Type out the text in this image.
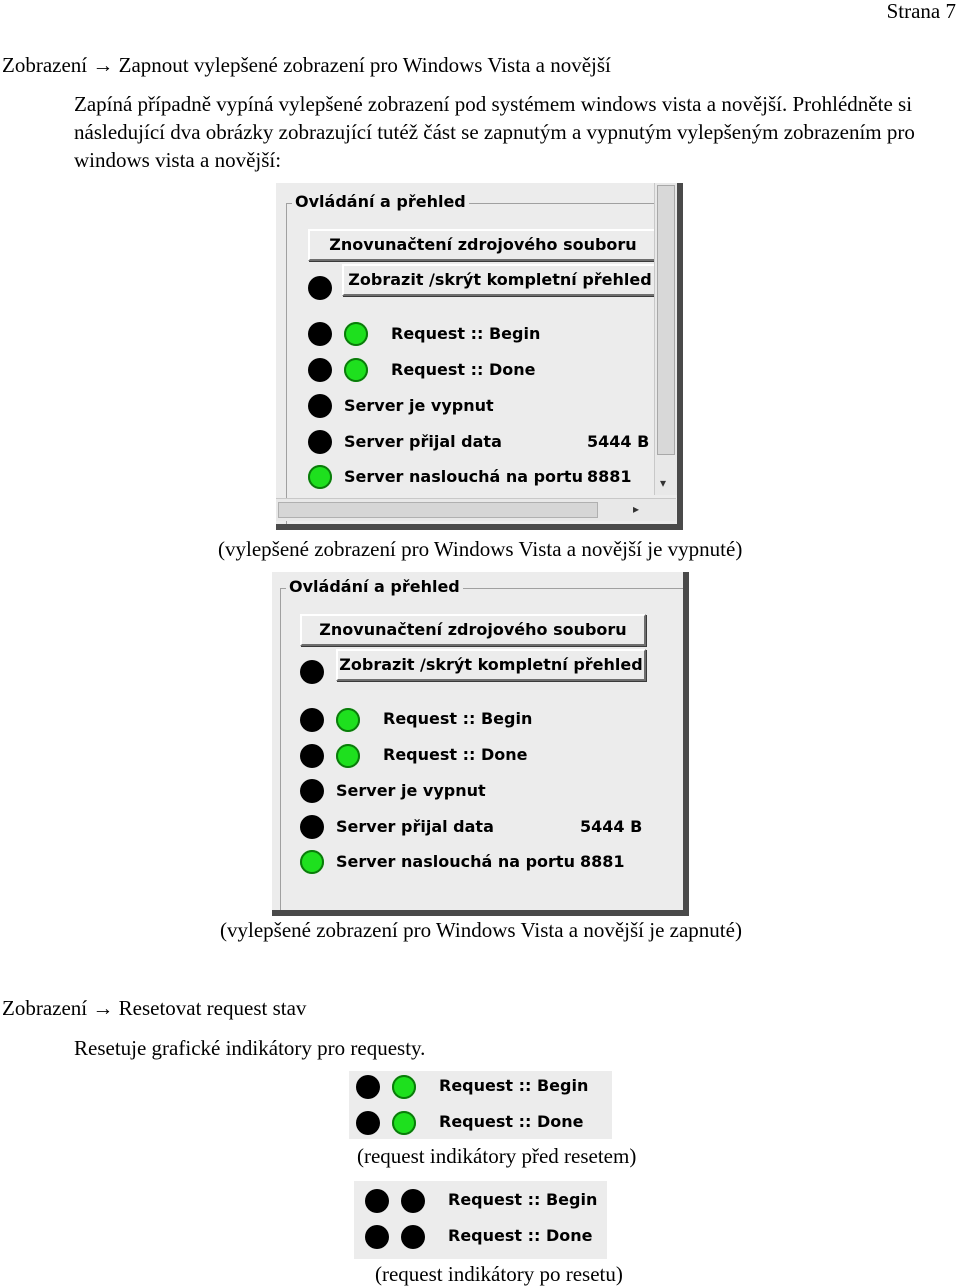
Strana 7
Zobrazení → Zapnout vylepšené zobrazení pro Windows Vista a novější
Zapíná případně vypíná vylepšené zobrazení pod systémem windows vista a novější. Prohlédněte si následující dva obrázky zobrazující tutéž část se zapnutým a vypnutým vylepšeným zobrazením pro windows vista a novější:
Ovládání a přehled
Znovunačtení zdrojového souboru
Zobrazit /skrýt kompletní přehled
Request :: Begin
Request :: Done
Server je vypnut
Server přijal data	5444 B
Server naslouchá na portu 8881 ▾
▸
(vylepšené zobrazení pro Windows Vista a novější je vypnuté)
Ovládání a přehled
Znovunačtení zdrojového souboru
Zobrazit /skrýt kompletní přehled
Request :: Begin
Request :: Done
Server je vypnut
Server přijal data	5444 B
Server naslouchá na portu 8881
(vylepšené zobrazení pro Windows Vista a novější je zapnuté)
Zobrazení → Resetovat request stav
Resetuje grafické indikátory pro requesty.
Request :: Begin
Request :: Done
(request indikátory před resetem)
Request :: Begin
Request :: Done
(request indikátory po resetu)
